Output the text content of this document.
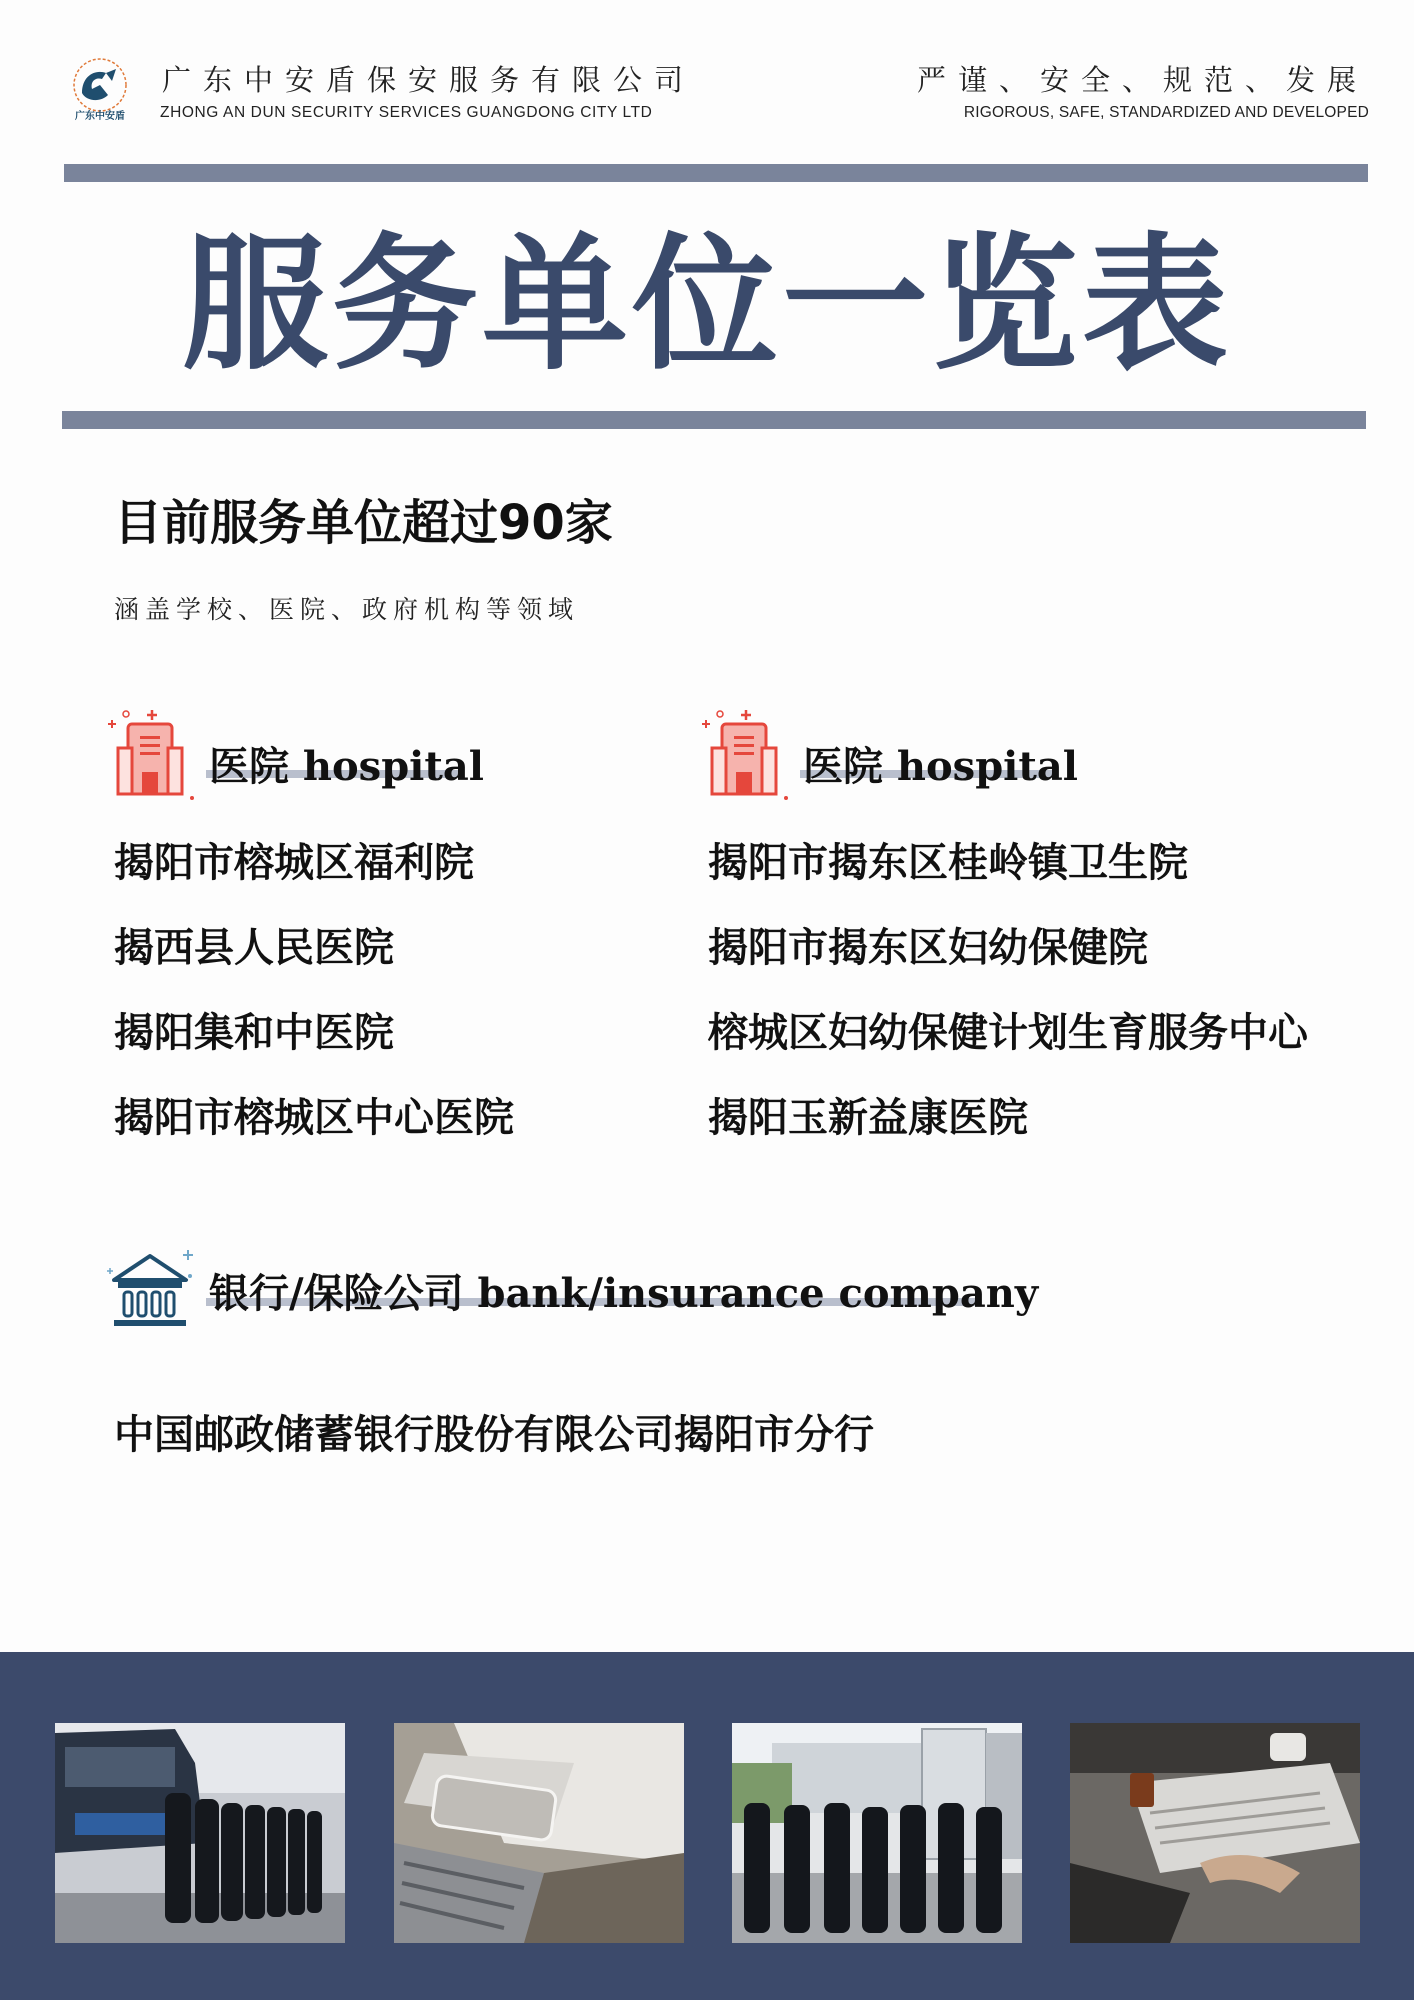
广东中安盾
广东中安盾保安服务有限公司
ZHONG AN DUN SECURITY SERVICES GUANGDONG CITY LTD
严谨、安全、规范、发展
RIGOROUS, SAFE, STANDARDIZED AND DEVELOPED
服务单位一览表
目前服务单位超过90家
涵盖学校、医院、政府机构等领域
医院 hospital
揭阳市榕城区福利院
揭西县人民医院
揭阳集和中医院
揭阳市榕城区中心医院
医院 hospital
揭阳市揭东区桂岭镇卫生院
揭阳市揭东区妇幼保健院
榕城区妇幼保健计划生育服务中心
揭阳玉新益康医院
银行/保险公司 bank/insurance company
中国邮政储蓄银行股份有限公司揭阳市分行
